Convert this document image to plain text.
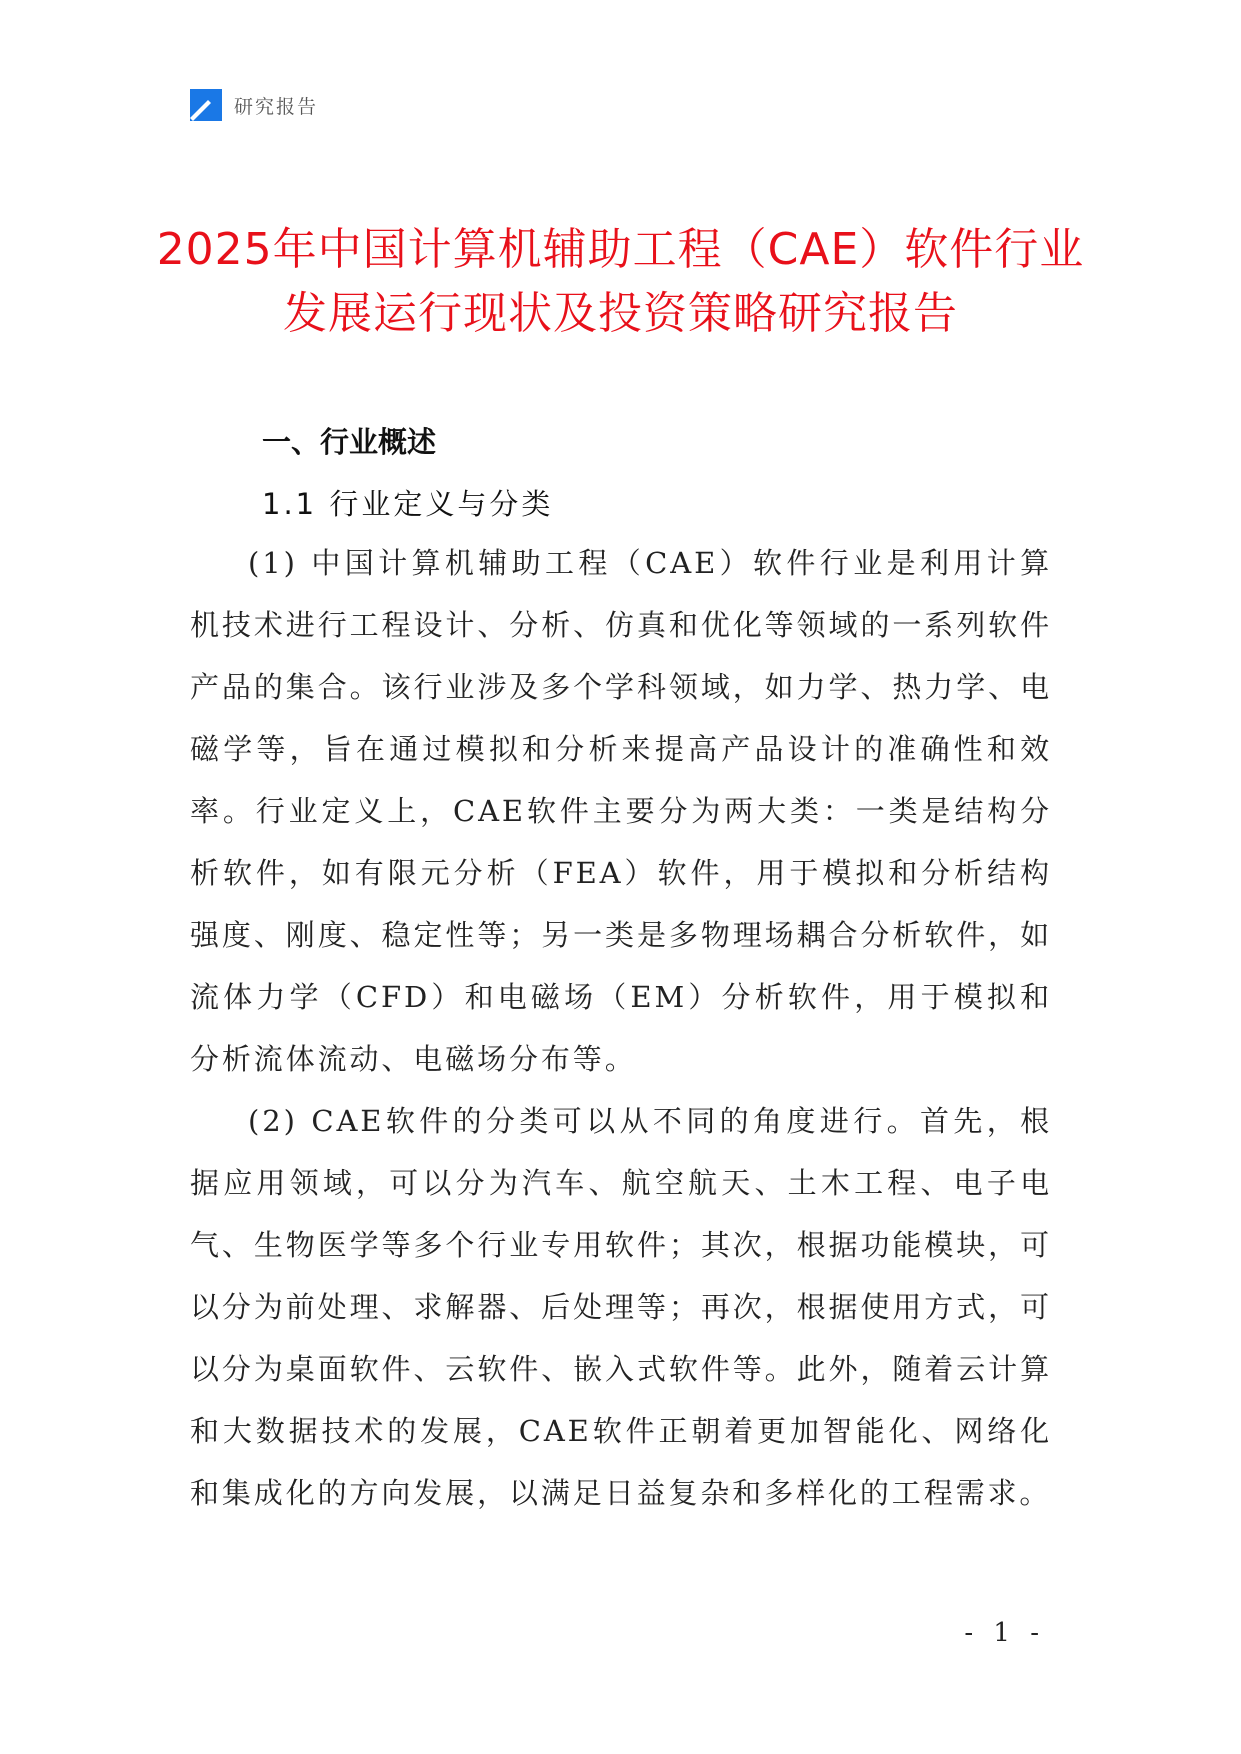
研究报告
2025年中国计算机辅助工程（CAE）软件行业发展运行现状及投资策略研究报告
一、行业概述
1.1 行业定义与分类

(1) 中国计算机辅助工程（CAE）软件行业是利用计算机技术进行工程设计、分析、仿真和优化等领域的一系列软件产品的集合。该行业涉及多个学科领域，如力学、热力学、电磁学等，旨在通过模拟和分析来提高产品设计的准确性和效率。行业定义上，CAE软件主要分为两大类：一类是结构分析软件，如有限元分析（FEA）软件，用于模拟和分析结构强度、刚度、稳定性等；另一类是多物理场耦合分析软件，如流体力学（CFD）和电磁场（EM）分析软件，用于模拟和分析流体流动、电磁场分布等。

(2) CAE软件的分类可以从不同的角度进行。首先，根据应用领域，可以分为汽车、航空航天、土木工程、电子电气、生物医学等多个行业专用软件；其次，根据功能模块，可以分为前处理、求解器、后处理等；再次，根据使用方式，可以分为桌面软件、云软件、嵌入式软件等。此外，随着云计算和大数据技术的发展，CAE软件正朝着更加智能化、网络化和集成化的方向发展，以满足日益复杂和多样化的工程需求。

- 1 -
